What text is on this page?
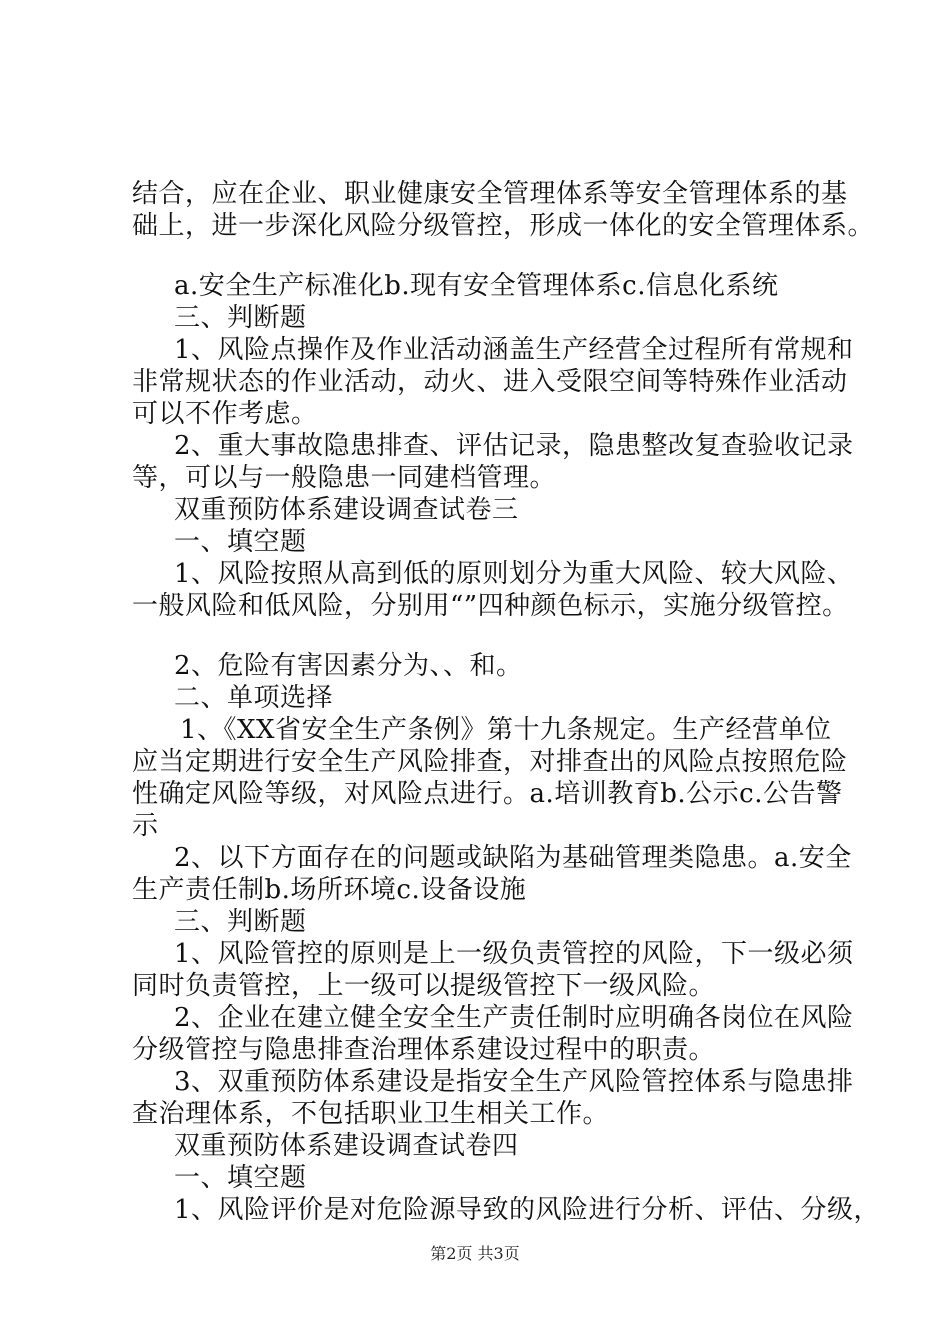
结合，应在企业、职业健康安全管理体系等安全管理体系的基
础上，进一步深化风险分级管控，形成一体化的安全管理体系。
a.安全生产标准化b.现有安全管理体系c.信息化系统
三、判断题
1、风险点操作及作业活动涵盖生产经营全过程所有常规和
非常规状态的作业活动，动火、进入受限空间等特殊作业活动
可以不作考虑。
2、重大事故隐患排查、评估记录，隐患整改复查验收记录
等，可以与一般隐患一同建档管理。
双重预防体系建设调查试卷三
一、填空题
1、风险按照从高到低的原则划分为重大风险、较大风险、
一般风险和低风险，分别用“”四种颜色标示，实施分级管控。
2、危险有害因素分为、、和。
二、单项选择
1、《XX省安全生产条例》第十九条规定。生产经营单位
应当定期进行安全生产风险排查，对排查出的风险点按照危险
性确定风险等级，对风险点进行。a.培训教育b.公示c.公告警
示
2、以下方面存在的问题或缺陷为基础管理类隐患。a.安全
生产责任制b.场所环境c.设备设施
三、判断题
1、风险管控的原则是上一级负责管控的风险，下一级必须
同时负责管控，上一级可以提级管控下一级风险。
2、企业在建立健全安全生产责任制时应明确各岗位在风险
分级管控与隐患排查治理体系建设过程中的职责。
3、双重预防体系建设是指安全生产风险管控体系与隐患排
查治理体系，不包括职业卫生相关工作。
双重预防体系建设调查试卷四
一、填空题
1、风险评价是对危险源导致的风险进行分析、评估、分级，
第2页 共3页
